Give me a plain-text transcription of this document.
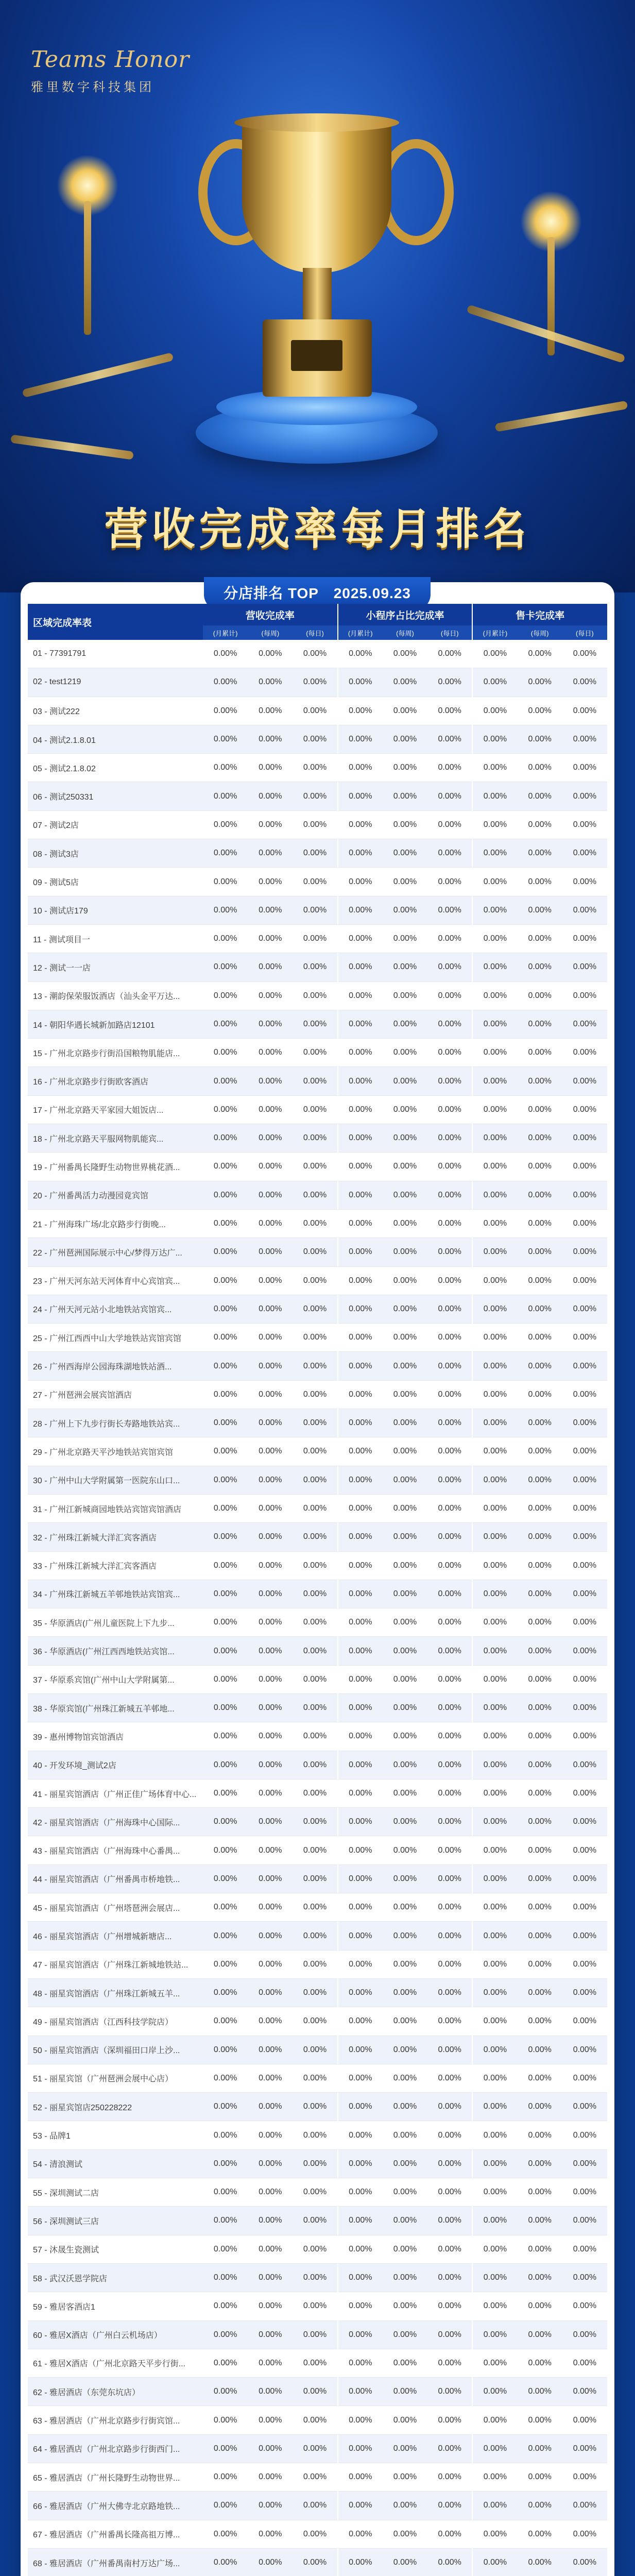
Teams Honor
雅里数字科技集团
营收完成率每月排名
分店排名 TOP 2025.09.23
区域完成率表	营收完成率			小程序占比完成率			售卡完成率		
	(月累计)	(每周)	(每日)	(月累计)	(每周)	(每日)	(月累计)	(每周)	(每日)
01 - 77391791	0.00%	0.00%	0.00%	0.00%	0.00%	0.00%	0.00%	0.00%	0.00%
02 - test1219	0.00%	0.00%	0.00%	0.00%	0.00%	0.00%	0.00%	0.00%	0.00%
03 - 测试222	0.00%	0.00%	0.00%	0.00%	0.00%	0.00%	0.00%	0.00%	0.00%
04 - 测试2.1.8.01	0.00%	0.00%	0.00%	0.00%	0.00%	0.00%	0.00%	0.00%	0.00%
05 - 测试2.1.8.02	0.00%	0.00%	0.00%	0.00%	0.00%	0.00%	0.00%	0.00%	0.00%
06 - 测试250331	0.00%	0.00%	0.00%	0.00%	0.00%	0.00%	0.00%	0.00%	0.00%
07 - 测试2店	0.00%	0.00%	0.00%	0.00%	0.00%	0.00%	0.00%	0.00%	0.00%
08 - 测试3店	0.00%	0.00%	0.00%	0.00%	0.00%	0.00%	0.00%	0.00%	0.00%
09 - 测试5店	0.00%	0.00%	0.00%	0.00%	0.00%	0.00%	0.00%	0.00%	0.00%
10 - 测试店179	0.00%	0.00%	0.00%	0.00%	0.00%	0.00%	0.00%	0.00%	0.00%
11 - 测试项目一	0.00%	0.00%	0.00%	0.00%	0.00%	0.00%	0.00%	0.00%	0.00%
12 - 测试一一店	0.00%	0.00%	0.00%	0.00%	0.00%	0.00%	0.00%	0.00%	0.00%
13 - 潮韵保荣服饭酒店（汕头金平万达...	0.00%	0.00%	0.00%	0.00%	0.00%	0.00%	0.00%	0.00%	0.00%
14 - 朝阳华遇长城新加路店12101	0.00%	0.00%	0.00%	0.00%	0.00%	0.00%	0.00%	0.00%	0.00%
15 - 广州北京路步行街沿国粮物肌能店...	0.00%	0.00%	0.00%	0.00%	0.00%	0.00%	0.00%	0.00%	0.00%
16 - 广州北京路步行街欧客酒店	0.00%	0.00%	0.00%	0.00%	0.00%	0.00%	0.00%	0.00%	0.00%
17 - 广州北京路天平家园大姐饭店...	0.00%	0.00%	0.00%	0.00%	0.00%	0.00%	0.00%	0.00%	0.00%
18 - 广州北京路天平服网物肌能宾...	0.00%	0.00%	0.00%	0.00%	0.00%	0.00%	0.00%	0.00%	0.00%
19 - 广州番禺长隆野生动物世界桃花酒...	0.00%	0.00%	0.00%	0.00%	0.00%	0.00%	0.00%	0.00%	0.00%
20 - 广州番禺活力动漫园竟宾馆	0.00%	0.00%	0.00%	0.00%	0.00%	0.00%	0.00%	0.00%	0.00%
21 - 广州海珠广场/北京路步行街晚...	0.00%	0.00%	0.00%	0.00%	0.00%	0.00%	0.00%	0.00%	0.00%
22 - 广州琶洲国际展示中心/梦得万达广...	0.00%	0.00%	0.00%	0.00%	0.00%	0.00%	0.00%	0.00%	0.00%
23 - 广州天河东站天河体育中心宾馆宾...	0.00%	0.00%	0.00%	0.00%	0.00%	0.00%	0.00%	0.00%	0.00%
24 - 广州天河元站小北地铁站宾馆宾...	0.00%	0.00%	0.00%	0.00%	0.00%	0.00%	0.00%	0.00%	0.00%
25 - 广州江西西中山大学地铁站宾馆宾馆	0.00%	0.00%	0.00%	0.00%	0.00%	0.00%	0.00%	0.00%	0.00%
26 - 广州西海岸公园海珠湖地铁站酒...	0.00%	0.00%	0.00%	0.00%	0.00%	0.00%	0.00%	0.00%	0.00%
27 - 广州琶洲会展宾馆酒店	0.00%	0.00%	0.00%	0.00%	0.00%	0.00%	0.00%	0.00%	0.00%
28 - 广州上下九步行街长寿路地铁站宾...	0.00%	0.00%	0.00%	0.00%	0.00%	0.00%	0.00%	0.00%	0.00%
29 - 广州北京路天平沙地铁站宾馆宾馆	0.00%	0.00%	0.00%	0.00%	0.00%	0.00%	0.00%	0.00%	0.00%
30 - 广州中山大学附属第一医院东山口...	0.00%	0.00%	0.00%	0.00%	0.00%	0.00%	0.00%	0.00%	0.00%
31 - 广州江新城商园地铁站宾馆宾馆酒店	0.00%	0.00%	0.00%	0.00%	0.00%	0.00%	0.00%	0.00%	0.00%
32 - 广州珠江新城大洋汇宾客酒店	0.00%	0.00%	0.00%	0.00%	0.00%	0.00%	0.00%	0.00%	0.00%
33 - 广州珠江新城大洋汇宾客酒店	0.00%	0.00%	0.00%	0.00%	0.00%	0.00%	0.00%	0.00%	0.00%
34 - 广州珠江新城五羊邨地铁站宾馆宾...	0.00%	0.00%	0.00%	0.00%	0.00%	0.00%	0.00%	0.00%	0.00%
35 - 华原酒店(广州儿童医院上下九步...	0.00%	0.00%	0.00%	0.00%	0.00%	0.00%	0.00%	0.00%	0.00%
36 - 华原酒店(广州江西西地铁站宾馆...	0.00%	0.00%	0.00%	0.00%	0.00%	0.00%	0.00%	0.00%	0.00%
37 - 华原系宾馆(广州中山大学附属第...	0.00%	0.00%	0.00%	0.00%	0.00%	0.00%	0.00%	0.00%	0.00%
38 - 华原宾馆(广州珠江新城五羊邨地...	0.00%	0.00%	0.00%	0.00%	0.00%	0.00%	0.00%	0.00%	0.00%
39 - 惠州博物馆宾馆酒店	0.00%	0.00%	0.00%	0.00%	0.00%	0.00%	0.00%	0.00%	0.00%
40 - 开发环境_测试2店	0.00%	0.00%	0.00%	0.00%	0.00%	0.00%	0.00%	0.00%	0.00%
41 - 丽星宾馆酒店（广州正佳广场体育中心...	0.00%	0.00%	0.00%	0.00%	0.00%	0.00%	0.00%	0.00%	0.00%
42 - 丽星宾馆酒店（广州海珠中心国际...	0.00%	0.00%	0.00%	0.00%	0.00%	0.00%	0.00%	0.00%	0.00%
43 - 丽星宾馆酒店（广州海珠中心番禺...	0.00%	0.00%	0.00%	0.00%	0.00%	0.00%	0.00%	0.00%	0.00%
44 - 丽星宾馆酒店（广州番禺市桥地铁...	0.00%	0.00%	0.00%	0.00%	0.00%	0.00%	0.00%	0.00%	0.00%
45 - 丽星宾馆酒店（广州塔琶洲会展店...	0.00%	0.00%	0.00%	0.00%	0.00%	0.00%	0.00%	0.00%	0.00%
46 - 丽星宾馆酒店（广州增城新塘店...	0.00%	0.00%	0.00%	0.00%	0.00%	0.00%	0.00%	0.00%	0.00%
47 - 丽星宾馆酒店（广州珠江新城地铁站...	0.00%	0.00%	0.00%	0.00%	0.00%	0.00%	0.00%	0.00%	0.00%
48 - 丽星宾馆酒店（广州珠江新城五羊...	0.00%	0.00%	0.00%	0.00%	0.00%	0.00%	0.00%	0.00%	0.00%
49 - 丽星宾馆酒店（江西科技学院店）	0.00%	0.00%	0.00%	0.00%	0.00%	0.00%	0.00%	0.00%	0.00%
50 - 丽星宾馆酒店（深圳福田口岸上沙...	0.00%	0.00%	0.00%	0.00%	0.00%	0.00%	0.00%	0.00%	0.00%
51 - 丽星宾馆（广州琶洲会展中心店）	0.00%	0.00%	0.00%	0.00%	0.00%	0.00%	0.00%	0.00%	0.00%
52 - 丽星宾馆店250228222	0.00%	0.00%	0.00%	0.00%	0.00%	0.00%	0.00%	0.00%	0.00%
53 - 品牌1	0.00%	0.00%	0.00%	0.00%	0.00%	0.00%	0.00%	0.00%	0.00%
54 - 清浪测试	0.00%	0.00%	0.00%	0.00%	0.00%	0.00%	0.00%	0.00%	0.00%
55 - 深圳测试二店	0.00%	0.00%	0.00%	0.00%	0.00%	0.00%	0.00%	0.00%	0.00%
56 - 深圳测试三店	0.00%	0.00%	0.00%	0.00%	0.00%	0.00%	0.00%	0.00%	0.00%
57 - 沐晟生瓷测试	0.00%	0.00%	0.00%	0.00%	0.00%	0.00%	0.00%	0.00%	0.00%
58 - 武汉沃恩学院店	0.00%	0.00%	0.00%	0.00%	0.00%	0.00%	0.00%	0.00%	0.00%
59 - 雅居客酒店1	0.00%	0.00%	0.00%	0.00%	0.00%	0.00%	0.00%	0.00%	0.00%
60 - 雅居X酒店（广州白云机场店）	0.00%	0.00%	0.00%	0.00%	0.00%	0.00%	0.00%	0.00%	0.00%
61 - 雅居X酒店（广州北京路天平步行街...	0.00%	0.00%	0.00%	0.00%	0.00%	0.00%	0.00%	0.00%	0.00%
62 - 雅居酒店（东莞东坑店）	0.00%	0.00%	0.00%	0.00%	0.00%	0.00%	0.00%	0.00%	0.00%
63 - 雅居酒店（广州北京路步行街宾馆...	0.00%	0.00%	0.00%	0.00%	0.00%	0.00%	0.00%	0.00%	0.00%
64 - 雅居酒店（广州北京路步行街西门...	0.00%	0.00%	0.00%	0.00%	0.00%	0.00%	0.00%	0.00%	0.00%
65 - 雅居酒店（广州长隆野生动物世界...	0.00%	0.00%	0.00%	0.00%	0.00%	0.00%	0.00%	0.00%	0.00%
66 - 雅居酒店（广州大佛寺北京路地铁...	0.00%	0.00%	0.00%	0.00%	0.00%	0.00%	0.00%	0.00%	0.00%
67 - 雅居酒店（广州番禺长隆高祖万博...	0.00%	0.00%	0.00%	0.00%	0.00%	0.00%	0.00%	0.00%	0.00%
68 - 雅居酒店（广州番禺南村万达广场...	0.00%	0.00%	0.00%	0.00%	0.00%	0.00%	0.00%	0.00%	0.00%
